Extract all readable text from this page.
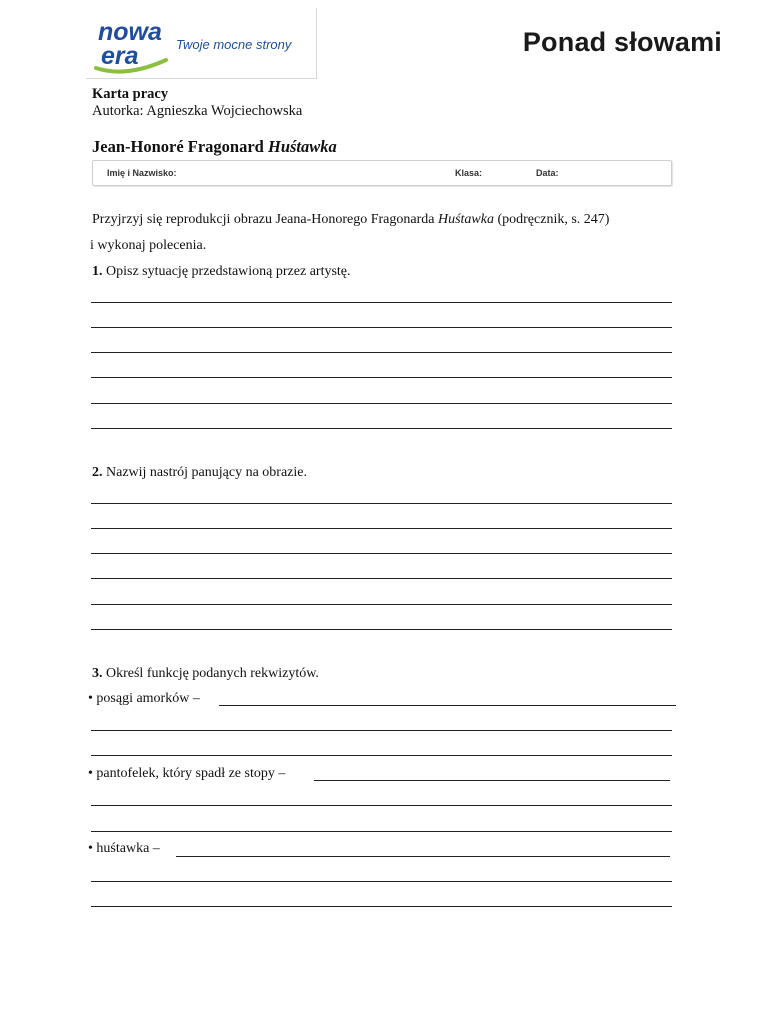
nowa
era	Twoje mocne strony	Ponad słowami
Karta pracy
Autorka: Agnieszka Wojciechowska
Jean-Honoré Fragonard Huśtawka
Imię i Nazwisko:	Klasa:	Data:
Przyjrzyj się reprodukcji obrazu Jeana-Honorego Fragonarda Huśtawka (podręcznik, s. 247)
i wykonaj polecenia.
1. Opisz sytuację przedstawioną przez artystę.
2. Nazwij nastrój panujący na obrazie.
3. Określ funkcję podanych rekwizytów.
• posągi amorków –
• pantofelek, który spadł ze stopy –
• huśtawka –
